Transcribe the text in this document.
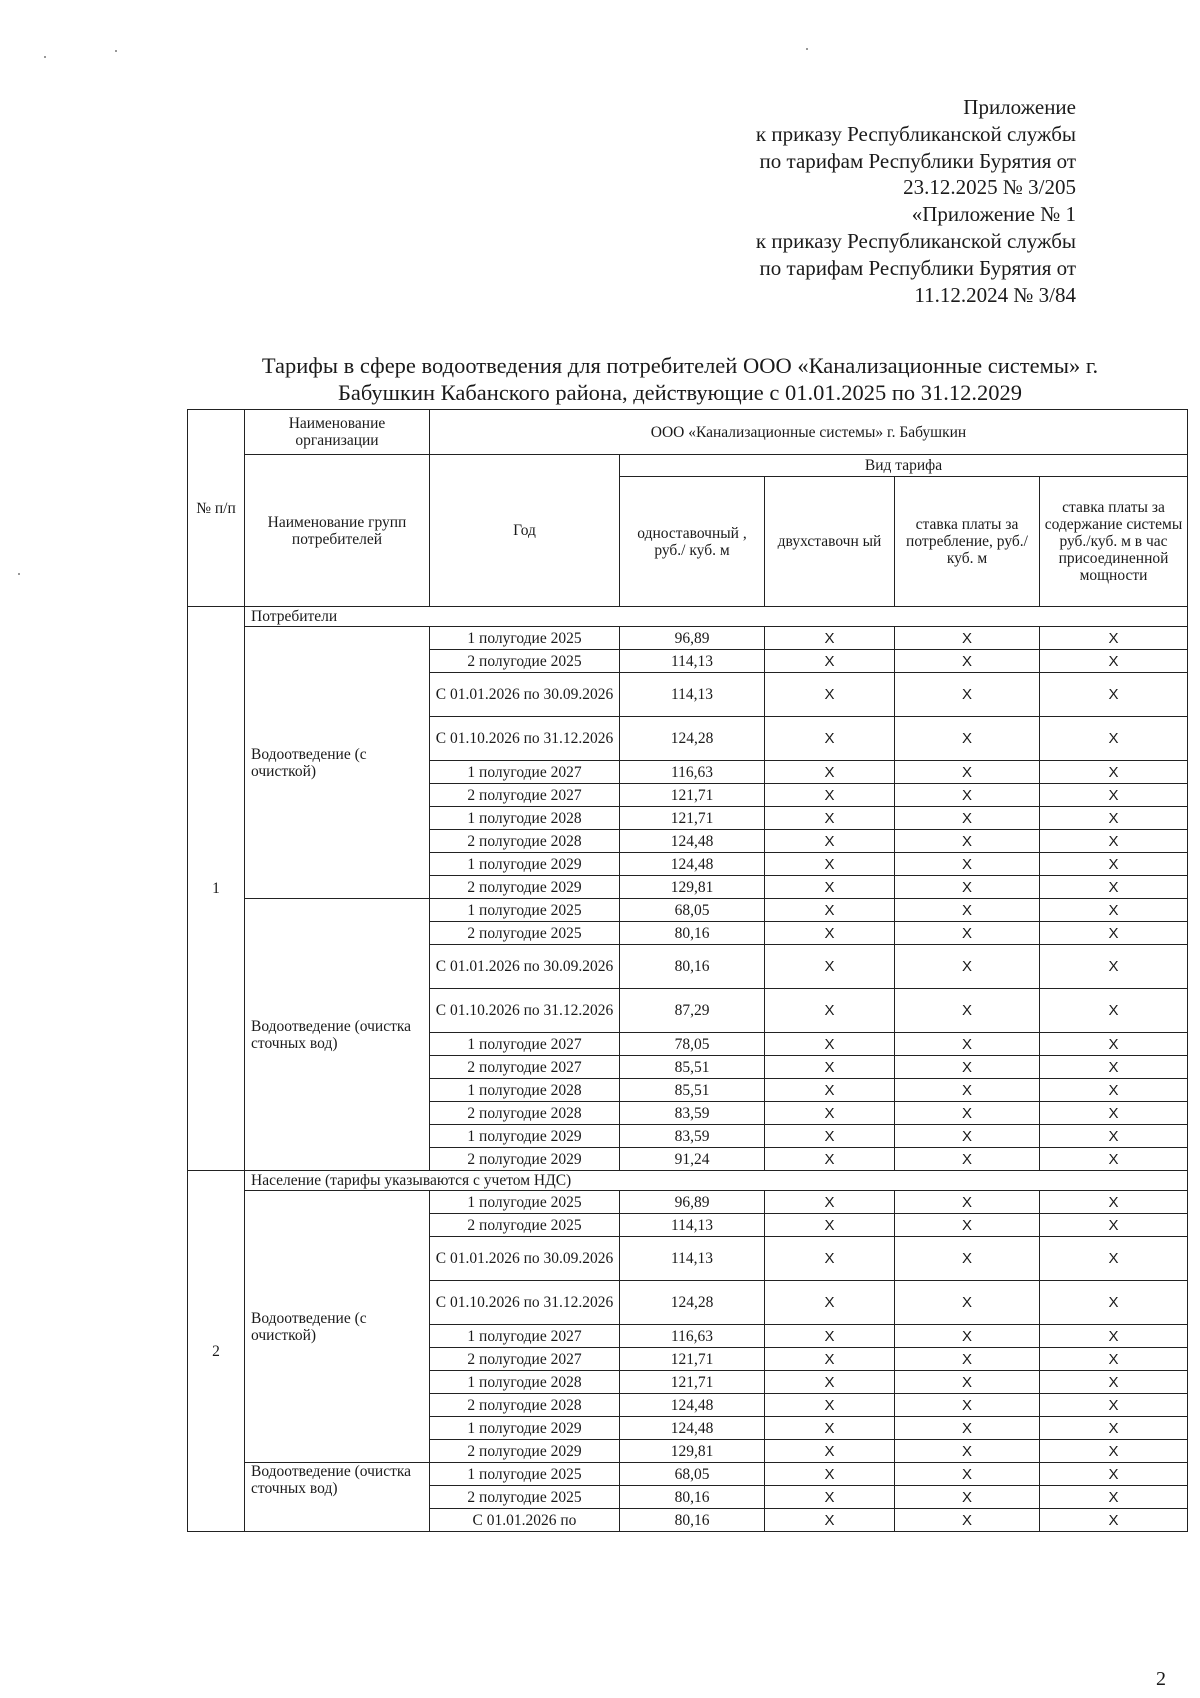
Приложение
к приказу Республиканской службы
по тарифам Республики Бурятия от
23.12.2025 № 3/205
«Приложение № 1
к приказу Республиканской службы
по тарифам Республики Бурятия от
11.12.2024 № 3/84
Тарифы в сфере водоотведения для потребителей ООО «Канализационные системы» г.
Бабушкин Кабанского района, действующие с 01.01.2025 по 31.12.2029
№ п/п	Наименование организации	ООО «Канализационные системы» г. Бабушкин				
	Наименование групп потребителей	Год	Вид тарифа			
			одноставочный , руб./ куб. м	двухставочн ый	ставка платы за потребление, руб./ куб. м	ставка платы за содержание системы руб./куб. м в час присоединенной мощности
1	Потребители					
	Водоотведение (с очисткой)	1 полугодие 2025	96,89	X	X	X
		2 полугодие 2025	114,13	X	X	X
		С 01.01.2026 по 30.09.2026	114,13	X	X	X
		С 01.10.2026 по 31.12.2026	124,28	X	X	X
		1 полугодие 2027	116,63	X	X	X
		2 полугодие 2027	121,71	X	X	X
		1 полугодие 2028	121,71	X	X	X
		2 полугодие 2028	124,48	X	X	X
		1 полугодие 2029	124,48	X	X	X
		2 полугодие 2029	129,81	X	X	X
	Водоотведение (очистка сточных вод)	1 полугодие 2025	68,05	X	X	X
		2 полугодие 2025	80,16	X	X	X
		С 01.01.2026 по 30.09.2026	80,16	X	X	X
		С 01.10.2026 по 31.12.2026	87,29	X	X	X
		1 полугодие 2027	78,05	X	X	X
		2 полугодие 2027	85,51	X	X	X
		1 полугодие 2028	85,51	X	X	X
		2 полугодие 2028	83,59	X	X	X
		1 полугодие 2029	83,59	X	X	X
		2 полугодие 2029	91,24	X	X	X
2	Население (тарифы указываются с учетом НДС)					
	Водоотведение (с очисткой)	1 полугодие 2025	96,89	X	X	X
		2 полугодие 2025	114,13	X	X	X
		С 01.01.2026 по 30.09.2026	114,13	X	X	X
		С 01.10.2026 по 31.12.2026	124,28	X	X	X
		1 полугодие 2027	116,63	X	X	X
		2 полугодие 2027	121,71	X	X	X
		1 полугодие 2028	121,71	X	X	X
		2 полугодие 2028	124,48	X	X	X
		1 полугодие 2029	124,48	X	X	X
		2 полугодие 2029	129,81	X	X	X
	Водоотведение (очистка сточных вод)	1 полугодие 2025	68,05	X	X	X
		2 полугодие 2025	80,16	X	X	X
		С 01.01.2026 по	80,16	X	X	X
2
